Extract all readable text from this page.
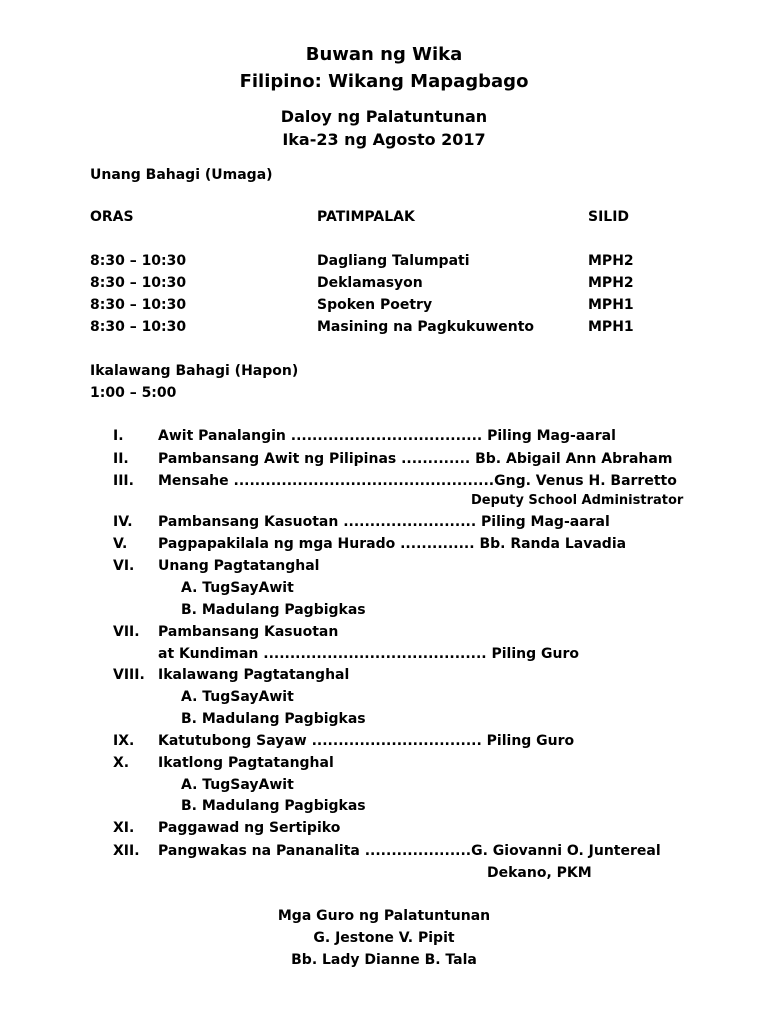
Buwan ng Wika
Filipino: Wikang Mapagbago
Daloy ng Palatuntunan
Ika-23 ng Agosto 2017
Unang Bahagi (Umaga)
ORAS	PATIMPALAK	SILID
8:30 – 10:30	Dagliang Talumpati	MPH2
8:30 – 10:30	Deklamasyon	MPH2
8:30 – 10:30	Spoken Poetry	MPH1
8:30 – 10:30	Masining na Pagkukuwento	MPH1
Ikalawang Bahagi (Hapon)
1:00 – 5:00
I. Awit Panalangin .................................... Piling Mag-aaral
II. Pambansang Awit ng Pilipinas ............. Bb. Abigail Ann Abraham
III. Mensahe .................................................Gng. Venus H. Barretto
Deputy School Administrator
IV. Pambansang Kasuotan ......................... Piling Mag-aaral
V. Pagpapakilala ng mga Hurado .............. Bb. Randa Lavadia
VI. Unang Pagtatanghal
A. TugSayAwit
B. Madulang Pagbigkas
VII. Pambansang Kasuotan
at Kundiman .......................................... Piling Guro
VIII. Ikalawang Pagtatanghal
A. TugSayAwit
B. Madulang Pagbigkas
IX. Katutubong Sayaw ................................ Piling Guro
X. Ikatlong Pagtatanghal
A. TugSayAwit
B. Madulang Pagbigkas
XI. Paggawad ng Sertipiko
XII. Pangwakas na Pananalita ....................G. Giovanni O. Juntereal
Dekano, PKM
Mga Guro ng Palatuntunan
G. Jestone V. Pipit
Bb. Lady Dianne B. Tala
